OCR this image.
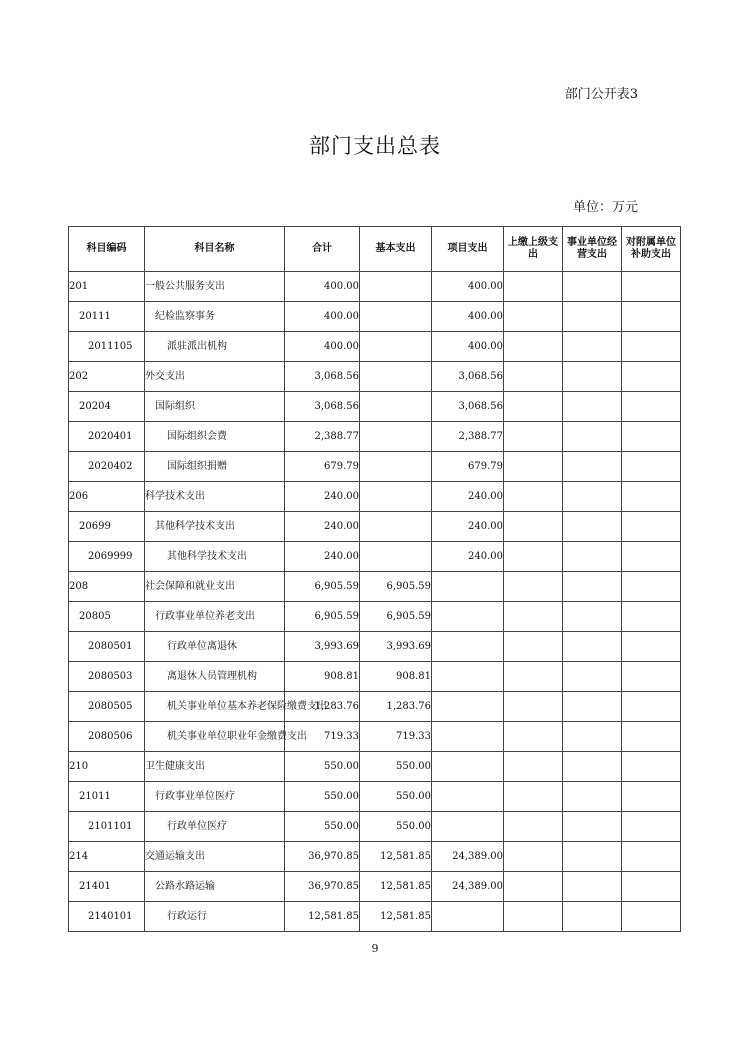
部门公开表3
部门支出总表
单位：万元
科目编码	科目名称	合计	基本支出	项目支出	上缴上级支出	事业单位经营支出	对附属单位补助支出
201	一般公共服务支出	400.00		400.00			
20111	纪检监察事务	400.00		400.00			
2011105	派驻派出机构	400.00		400.00			
202	外交支出	3,068.56		3,068.56			
20204	国际组织	3,068.56		3,068.56			
2020401	国际组织会费	2,388.77		2,388.77			
2020402	国际组织捐赠	679.79		679.79			
206	科学技术支出	240.00		240.00			
20699	其他科学技术支出	240.00		240.00			
2069999	其他科学技术支出	240.00		240.00			
208	社会保障和就业支出	6,905.59	6,905.59				
20805	行政事业单位养老支出	6,905.59	6,905.59				
2080501	行政单位离退休	3,993.69	3,993.69				
2080503	离退休人员管理机构	908.81	908.81				
2080505	机关事业单位基本养老保险缴费支出	1,283.76	1,283.76				
2080506	机关事业单位职业年金缴费支出	719.33	719.33				
210	卫生健康支出	550.00	550.00				
21011	行政事业单位医疗	550.00	550.00				
2101101	行政单位医疗	550.00	550.00				
214	交通运输支出	36,970.85	12,581.85	24,389.00			
21401	公路水路运输	36,970.85	12,581.85	24,389.00			
2140101	行政运行	12,581.85	12,581.85				
9
